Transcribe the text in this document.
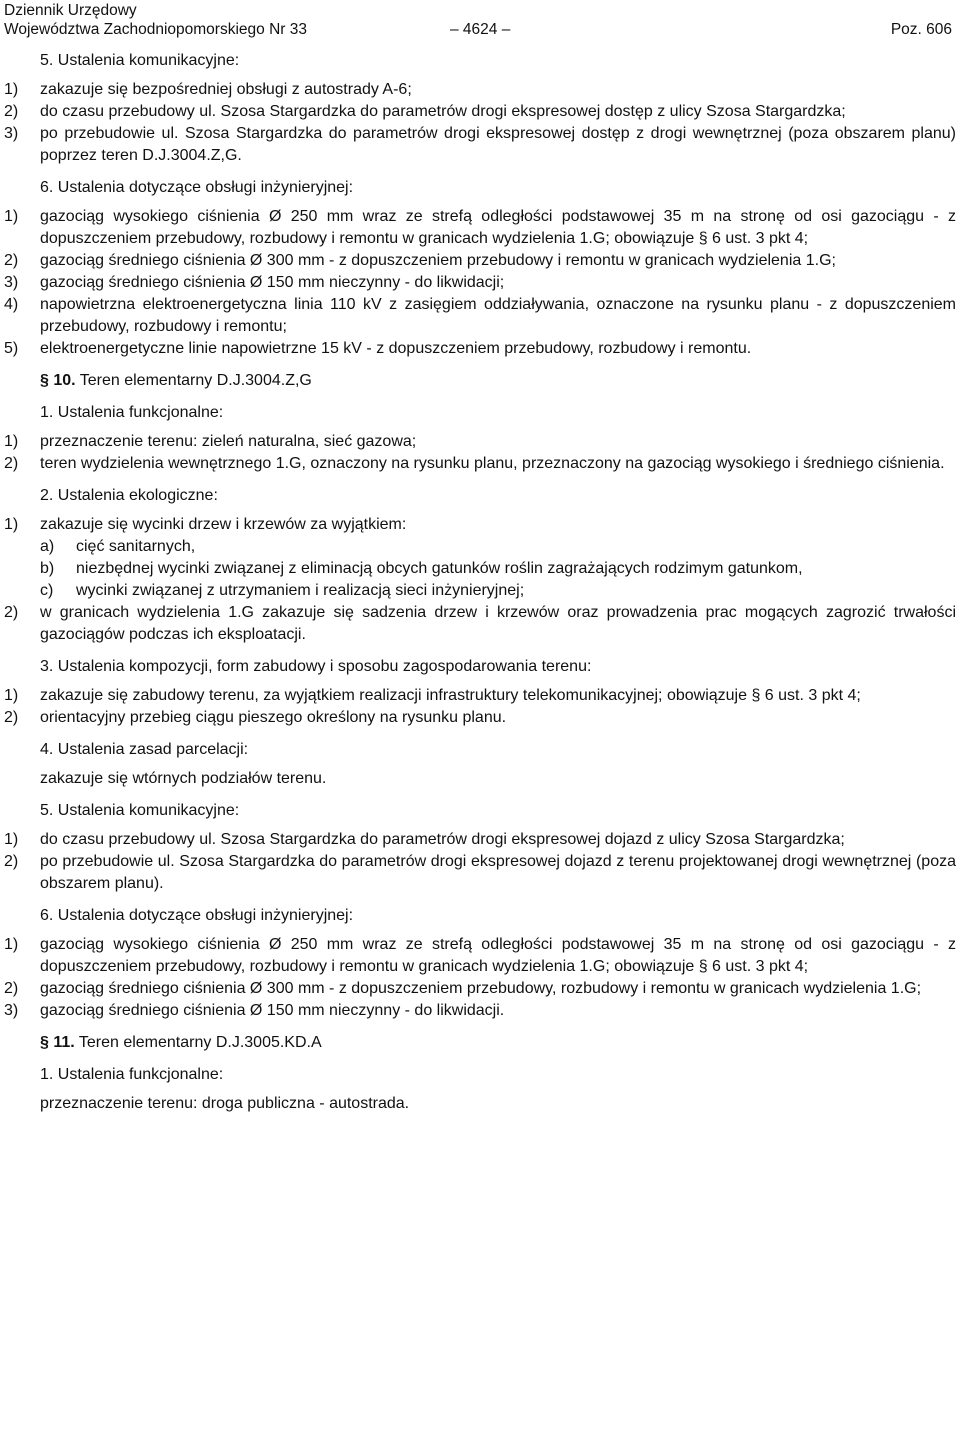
Dziennik Urzędowy
Województwa Zachodniopomorskiego Nr 33	– 4624 –	Poz. 606
5. Ustalenia komunikacyjne:
1)	zakazuje się bezpośredniej obsługi z autostrady A-6;
2)	do czasu przebudowy ul. Szosa Stargardzka do parametrów drogi ekspresowej dostęp z ulicy Szosa Stargardzka;
3)	po przebudowie ul. Szosa Stargardzka do parametrów drogi ekspresowej dostęp z drogi wewnętrznej (poza obszarem planu) poprzez teren D.J.3004.Z,G.
6. Ustalenia dotyczące obsługi inżynieryjnej:
1)	gazociąg wysokiego ciśnienia Ø 250 mm wraz ze strefą odległości podstawowej 35 m na stronę od osi gazociągu - z dopuszczeniem przebudowy, rozbudowy i remontu w granicach wydzielenia 1.G; obowiązuje § 6 ust. 3 pkt 4;
2)	gazociąg średniego ciśnienia Ø 300 mm - z dopuszczeniem przebudowy i remontu w granicach wydzielenia 1.G;
3)	gazociąg średniego ciśnienia Ø 150 mm nieczynny - do likwidacji;
4)	napowietrzna elektroenergetyczna linia 110 kV z zasięgiem oddziaływania, oznaczone na rysunku planu - z dopuszczeniem przebudowy, rozbudowy i remontu;
5)	elektroenergetyczne linie napowietrzne 15 kV - z dopuszczeniem przebudowy, rozbudowy i remontu.
§ 10. Teren elementarny D.J.3004.Z,G
1. Ustalenia funkcjonalne:
1)	przeznaczenie terenu: zieleń naturalna, sieć gazowa;
2)	teren wydzielenia wewnętrznego 1.G, oznaczony na rysunku planu, przeznaczony na gazociąg wysokiego i średniego ciśnienia.
2. Ustalenia ekologiczne:
1)	zakazuje się wycinki drzew i krzewów za wyjątkiem:
a)	cięć sanitarnych,
b)	niezbędnej wycinki związanej z eliminacją obcych gatunków roślin zagrażających rodzimym gatunkom,
c)	wycinki związanej z utrzymaniem i realizacją sieci inżynieryjnej;
2)	w granicach wydzielenia 1.G zakazuje się sadzenia drzew i krzewów oraz prowadzenia prac mogących zagrozić trwałości gazociągów podczas ich eksploatacji.
3. Ustalenia kompozycji, form zabudowy i sposobu zagospodarowania terenu:
1)	zakazuje się zabudowy terenu, za wyjątkiem realizacji infrastruktury telekomunikacyjnej; obowiązuje § 6 ust. 3 pkt 4;
2)	orientacyjny przebieg ciągu pieszego określony na rysunku planu.
4. Ustalenia zasad parcelacji:
zakazuje się wtórnych podziałów terenu.
5. Ustalenia komunikacyjne:
1)	do czasu przebudowy ul. Szosa Stargardzka do parametrów drogi ekspresowej dojazd z ulicy Szosa Stargardzka;
2)	po przebudowie ul. Szosa Stargardzka do parametrów drogi ekspresowej dojazd z terenu projektowanej drogi wewnętrznej (poza obszarem planu).
6. Ustalenia dotyczące obsługi inżynieryjnej:
1)	gazociąg wysokiego ciśnienia Ø 250 mm wraz ze strefą odległości podstawowej 35 m na stronę od osi gazociągu - z dopuszczeniem przebudowy, rozbudowy i remontu w granicach wydzielenia 1.G; obowiązuje § 6 ust. 3 pkt 4;
2)	gazociąg średniego ciśnienia Ø 300 mm - z dopuszczeniem przebudowy, rozbudowy i remontu w granicach wydzielenia 1.G;
3)	gazociąg średniego ciśnienia Ø 150 mm nieczynny - do likwidacji.
§ 11. Teren elementarny D.J.3005.KD.A
1. Ustalenia funkcjonalne:
przeznaczenie terenu: droga publiczna - autostrada.
